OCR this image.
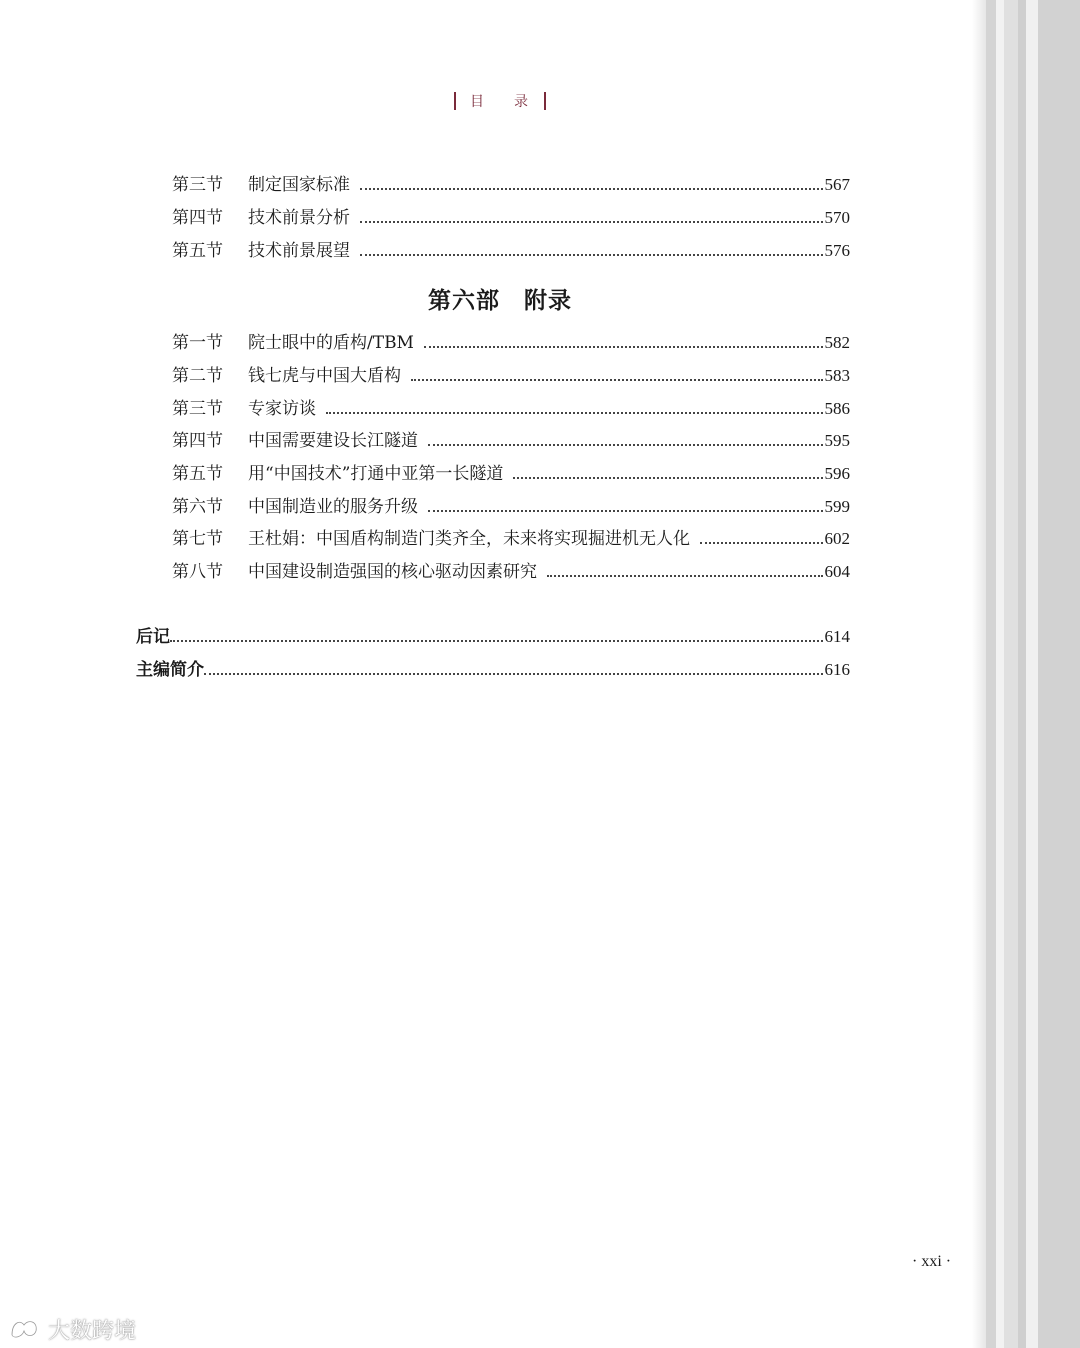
目 录
第三节	制定国家标准	567
第四节	技术前景分析	570
第五节	技术前景展望	576
第六部 附录
第一节	院士眼中的盾构/TBM	582
第二节	钱七虎与中国大盾构	583
第三节	专家访谈	586
第四节	中国需要建设长江隧道	595
第五节	用“中国技术”打通中亚第一长隧道	596
第六节	中国制造业的服务升级	599
第七节	王杜娟：中国盾构制造门类齐全，未来将实现掘进机无人化	602
第八节	中国建设制造强国的核心驱动因素研究	604
后记	614
主编简介	616
· xxi ·
大数跨境
